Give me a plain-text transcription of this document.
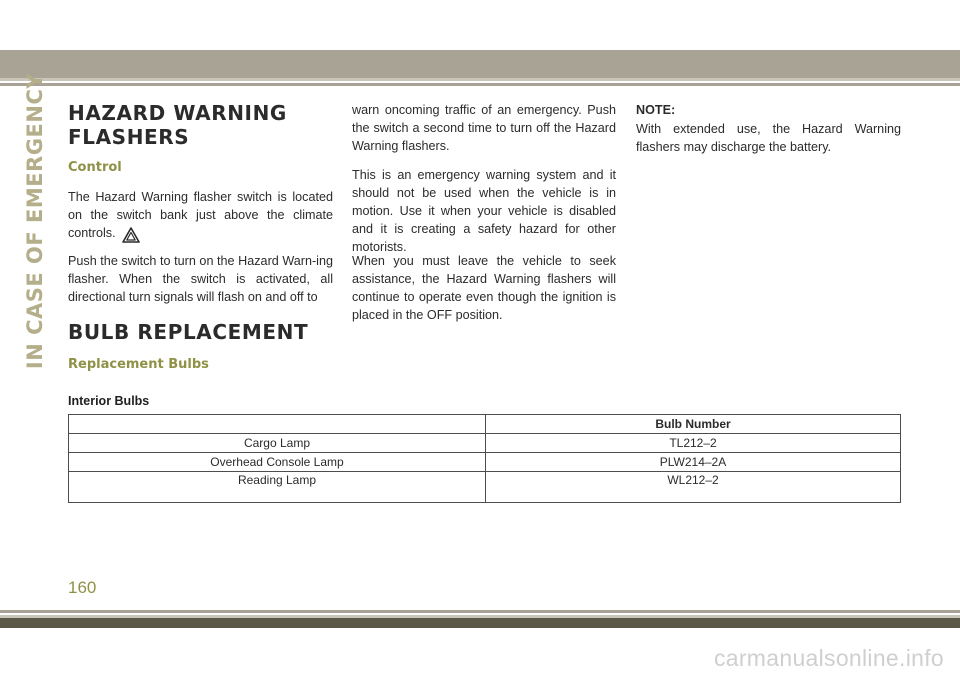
IN CASE OF EMERGENCY HAZARD WARNING
FLASHERS
Control

The Hazard Warning flasher switch is located on the switch bank just above the climate controls.

Push the switch to turn on the Hazard Warn-ing flasher. When the switch is activated, all directional turn signals will flash on and off to

BULB REPLACEMENT
Replacement Bulbs

warn oncoming traffic of an emergency. Push the switch a second time to turn off the Hazard Warning flashers.

This is an emergency warning system and it should not be used when the vehicle is in motion. Use it when your vehicle is disabled and it is creating a safety hazard for other motorists.

When you must leave the vehicle to seek assistance, the Hazard Warning flashers will continue to operate even though the ignition is placed in the OFF position.

NOTE:

With extended use, the Hazard Warning flashers may discharge the battery.

Interior Bulbs
	Bulb Number
Cargo Lamp	TL212–2
Overhead Console Lamp	PLW214–2A
Reading Lamp	WL212–2
160
carmanualsonline.info
